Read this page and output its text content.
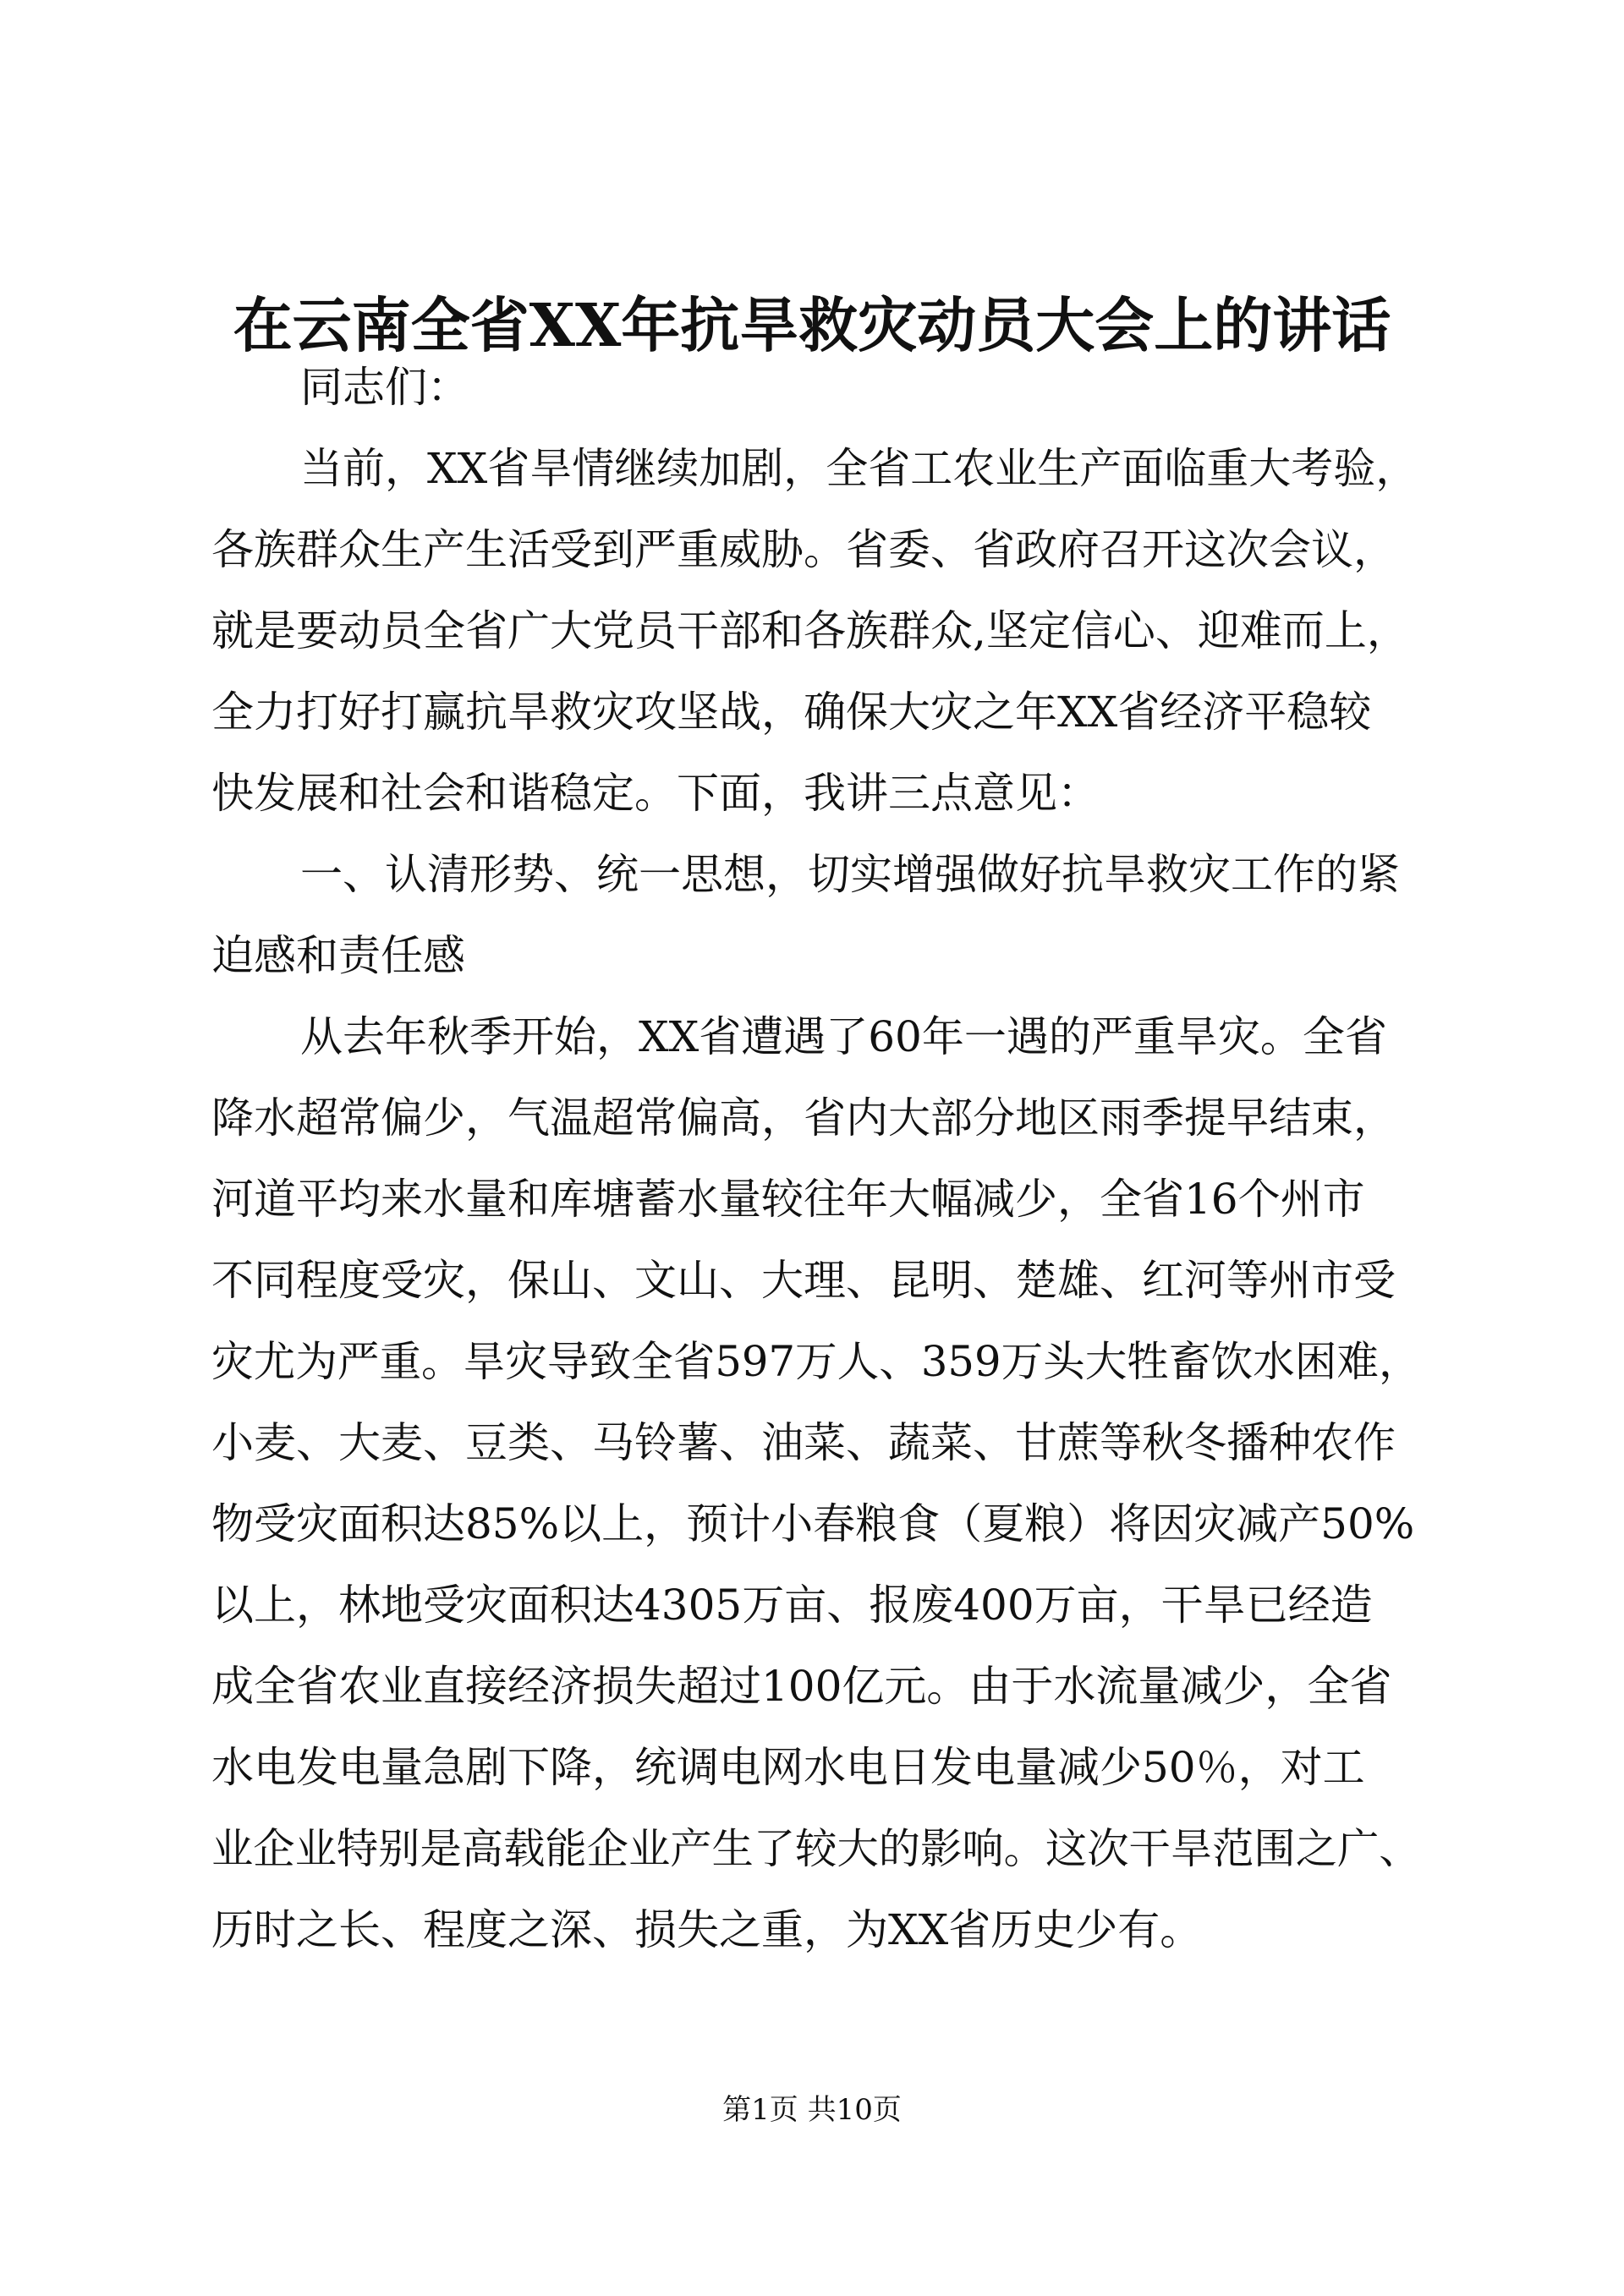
在云南全省XX年抗旱救灾动员大会上的讲话
同志们：
当前，XX省旱情继续加剧，全省工农业生产面临重大考验，
各族群众生产生活受到严重威胁。省委、省政府召开这次会议，
就是要动员全省广大党员干部和各族群众,坚定信心、迎难而上，
全力打好打赢抗旱救灾攻坚战，确保大灾之年XX省经济平稳较
快发展和社会和谐稳定。下面，我讲三点意见：
一、认清形势、统一思想，切实增强做好抗旱救灾工作的紧
迫感和责任感
从去年秋季开始，XX省遭遇了60年一遇的严重旱灾。全省
降水超常偏少，气温超常偏高，省内大部分地区雨季提早结束，
河道平均来水量和库塘蓄水量较往年大幅减少，全省16个州市
不同程度受灾，保山、文山、大理、昆明、楚雄、红河等州市受
灾尤为严重。旱灾导致全省597万人、359万头大牲畜饮水困难，
小麦、大麦、豆类、马铃薯、油菜、蔬菜、甘蔗等秋冬播种农作
物受灾面积达85%以上，预计小春粮食（夏粮）将因灾减产50%
以上，林地受灾面积达4305万亩、报废400万亩，干旱已经造
成全省农业直接经济损失超过100亿元。由于水流量减少，全省
水电发电量急剧下降，统调电网水电日发电量减少50％，对工
业企业特别是高载能企业产生了较大的影响。这次干旱范围之广、
历时之长、程度之深、损失之重，为XX省历史少有。
第1页 共10页
